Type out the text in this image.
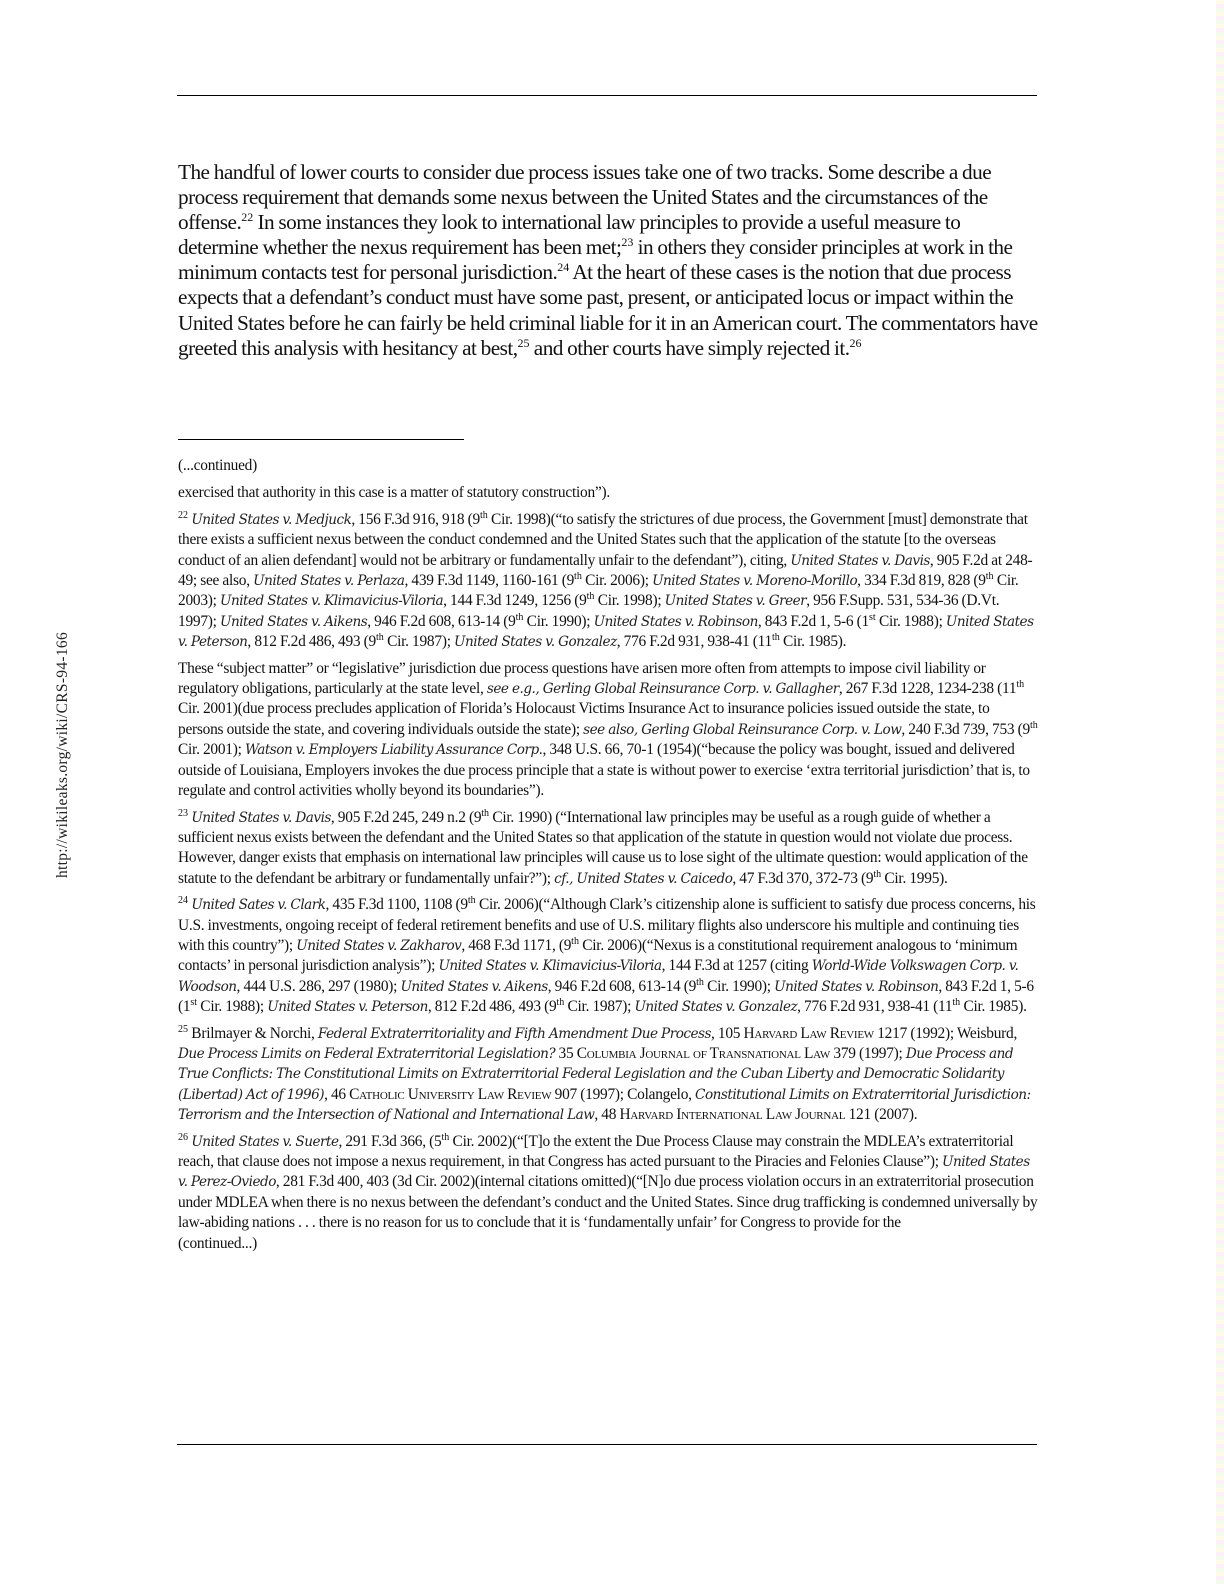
http://wikileaks.org/wiki/CRS-94-166
The handful of lower courts to consider due process issues take one of two tracks. Some describe a due process requirement that demands some nexus between the United States and the circumstances of the offense.$^{22}$ In some instances they look to international law principles to provide a useful measure to determine whether the nexus requirement has been met;$^{23}$ in others they consider principles at work in the minimum contacts test for personal jurisdiction.$^{24}$ At the heart of these cases is the notion that due process expects that a defendant’s conduct must have some past, present, or anticipated locus or impact within the United States before he can fairly be held criminal liable for it in an American court. The commentators have greeted this analysis with hesitancy at best,$^{25}$ and other courts have simply rejected it.$^{26}$

(...continued)

exercised that authority in this case is a matter of statutory construction”).

$^{22}$ United States v. Medjuck, 156 F.3d 916, 918 (9th Cir. 1998)(“to satisfy the strictures of due process, the Government [must] demonstrate that there exists a sufficient nexus between the conduct condemned and the United States such that the application of the statute [to the overseas conduct of an alien defendant] would not be arbitrary or fundamentally unfair to the defendant”), citing, United States v. Davis, 905 F.2d at 248-49; see also, United States v. Perlaza, 439 F.3d 1149, 1160-161 (9th Cir. 2006); United States v. Moreno-Morillo, 334 F.3d 819, 828 (9th Cir. 2003); United States v. Klimavicius-Viloria, 144 F.3d 1249, 1256 (9th Cir. 1998); United States v. Greer, 956 F.Supp. 531, 534-36 (D.Vt. 1997); United States v. Aikens, 946 F.2d 608, 613-14 (9th Cir. 1990); United States v. Robinson, 843 F.2d 1, 5-6 (1st Cir. 1988); United States v. Peterson, 812 F.2d 486, 493 (9th Cir. 1987); United States v. Gonzalez, 776 F.2d 931, 938-41 (11th Cir. 1985).

These “subject matter” or “legislative” jurisdiction due process questions have arisen more often from attempts to impose civil liability or regulatory obligations, particularly at the state level, see e.g., Gerling Global Reinsurance Corp. v. Gallagher, 267 F.3d 1228, 1234-238 (11th Cir. 2001)(due process precludes application of Florida’s Holocaust Victims Insurance Act to insurance policies issued outside the state, to persons outside the state, and covering individuals outside the state); see also, Gerling Global Reinsurance Corp. v. Low, 240 F.3d 739, 753 (9th Cir. 2001); Watson v. Employers Liability Assurance Corp., 348 U.S. 66, 70-1 (1954)(“because the policy was bought, issued and delivered outside of Louisiana, Employers invokes the due process principle that a state is without power to exercise ‘extra territorial jurisdiction’ that is, to regulate and control activities wholly beyond its boundaries”).

$^{23}$ United States v. Davis, 905 F.2d 245, 249 n.2 (9th Cir. 1990) (“International law principles may be useful as a rough guide of whether a sufficient nexus exists between the defendant and the United States so that application of the statute in question would not violate due process. However, danger exists that emphasis on international law principles will cause us to lose sight of the ultimate question: would application of the statute to the defendant be arbitrary or fundamentally unfair?”); cf., United States v. Caicedo, 47 F.3d 370, 372-73 (9th Cir. 1995).

$^{24}$ United Sates v. Clark, 435 F.3d 1100, 1108 (9th Cir. 2006)(“Although Clark’s citizenship alone is sufficient to satisfy due process concerns, his U.S. investments, ongoing receipt of federal retirement benefits and use of U.S. military flights also underscore his multiple and continuing ties with this country”); United States v. Zakharov, 468 F.3d 1171, (9th Cir. 2006)(“Nexus is a constitutional requirement analogous to ‘minimum contacts’ in personal jurisdiction analysis”); United States v. Klimavicius-Viloria, 144 F.3d at 1257 (citing World-Wide Volkswagen Corp. v. Woodson, 444 U.S. 286, 297 (1980); United States v. Aikens, 946 F.2d 608, 613-14 (9th Cir. 1990); United States v. Robinson, 843 F.2d 1, 5-6 (1st Cir. 1988); United States v. Peterson, 812 F.2d 486, 493 (9th Cir. 1987); United States v. Gonzalez, 776 F.2d 931, 938-41 (11th Cir. 1985).

$^{25}$ Brilmayer & Norchi, Federal Extraterritoriality and Fifth Amendment Due Process, 105 Harvard Law Review 1217 (1992); Weisburd, Due Process Limits on Federal Extraterritorial Legislation? 35 Columbia Journal of Transnational Law 379 (1997); Due Process and True Conflicts: The Constitutional Limits on Extraterritorial Federal Legislation and the Cuban Liberty and Democratic Solidarity (Libertad) Act of 1996), 46 Catholic University Law Review 907 (1997); Colangelo, Constitutional Limits on Extraterritorial Jurisdiction: Terrorism and the Intersection of National and International Law, 48 Harvard International Law Journal 121 (2007).

$^{26}$ United States v. Suerte, 291 F.3d 366, (5th Cir. 2002)(“[T]o the extent the Due Process Clause may constrain the MDLEA’s extraterritorial reach, that clause does not impose a nexus requirement, in that Congress has acted pursuant to the Piracies and Felonies Clause”); United States v. Perez-Oviedo, 281 F.3d 400, 403 (3d Cir. 2002)(internal citations omitted)(“[N]o due process violation occurs in an extraterritorial prosecution under MDLEA when there is no nexus between the defendant’s conduct and the United States. Since drug trafficking is condemned universally by law-abiding nations . . . there is no reason for us to conclude that it is ‘fundamentally unfair’ for Congress to provide for the

(continued...)
